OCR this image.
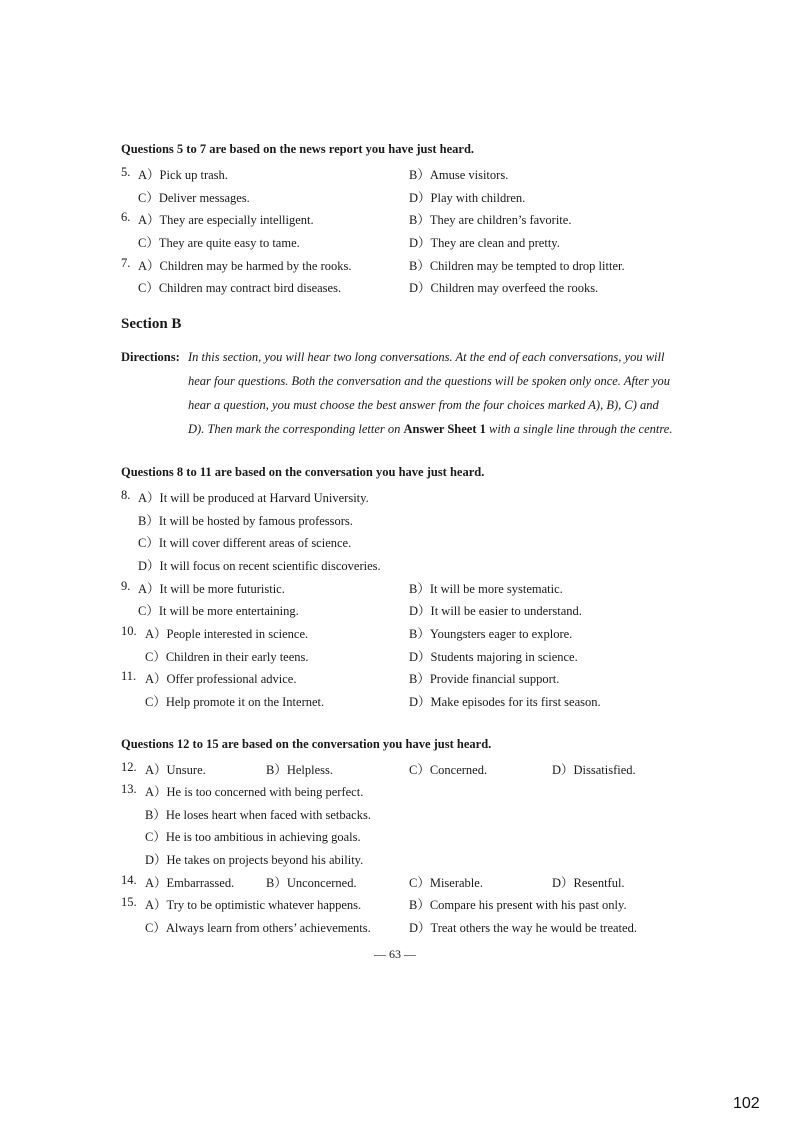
Questions 5 to 7 are based on the news report you have just heard.
5. A）Pick up trash.	B）Amuse visitors.
C）Deliver messages.	D）Play with children.
6. A）They are especially intelligent.	B）They are children’s favorite.
C）They are quite easy to tame.	D）They are clean and pretty.
7. A）Children may be harmed by the rooks.	B）Children may be tempted to drop litter.
C）Children may contract bird diseases.	D）Children may overfeed the rooks.
Section B
Directions: In this section, you will hear two long conversations. At the end of each conversations, you will
hear four questions. Both the conversation and the questions will be spoken only once. After you
hear a question, you must choose the best answer from the four choices marked A), B), C) and
D). Then mark the corresponding letter on Answer Sheet 1 with a single line through the centre.
Questions 8 to 11 are based on the conversation you have just heard.
8. A）It will be produced at Harvard University.
B）It will be hosted by famous professors.
C）It will cover different areas of science.
D）It will focus on recent scientific discoveries.
9. A）It will be more futuristic.	B）It will be more systematic.
C）It will be more entertaining.	D）It will be easier to understand.
10. A）People interested in science.	B）Youngsters eager to explore.
C）Children in their early teens.	D）Students majoring in science.
11. A）Offer professional advice.	B）Provide financial support.
C）Help promote it on the Internet.	D）Make episodes for its first season.
Questions 12 to 15 are based on the conversation you have just heard.
12. A）Unsure.	B）Helpless.	C）Concerned.	D）Dissatisfied.
13. A）He is too concerned with being perfect.
B）He loses heart when faced with setbacks.
C）He is too ambitious in achieving goals.
D）He takes on projects beyond his ability.
14. A）Embarrassed.	B）Unconcerned.	C）Miserable.	D）Resentful.
15. A）Try to be optimistic whatever happens.	B）Compare his present with his past only.
C）Always learn from others’ achievements.	D）Treat others the way he would be treated.
— 63 —
102
